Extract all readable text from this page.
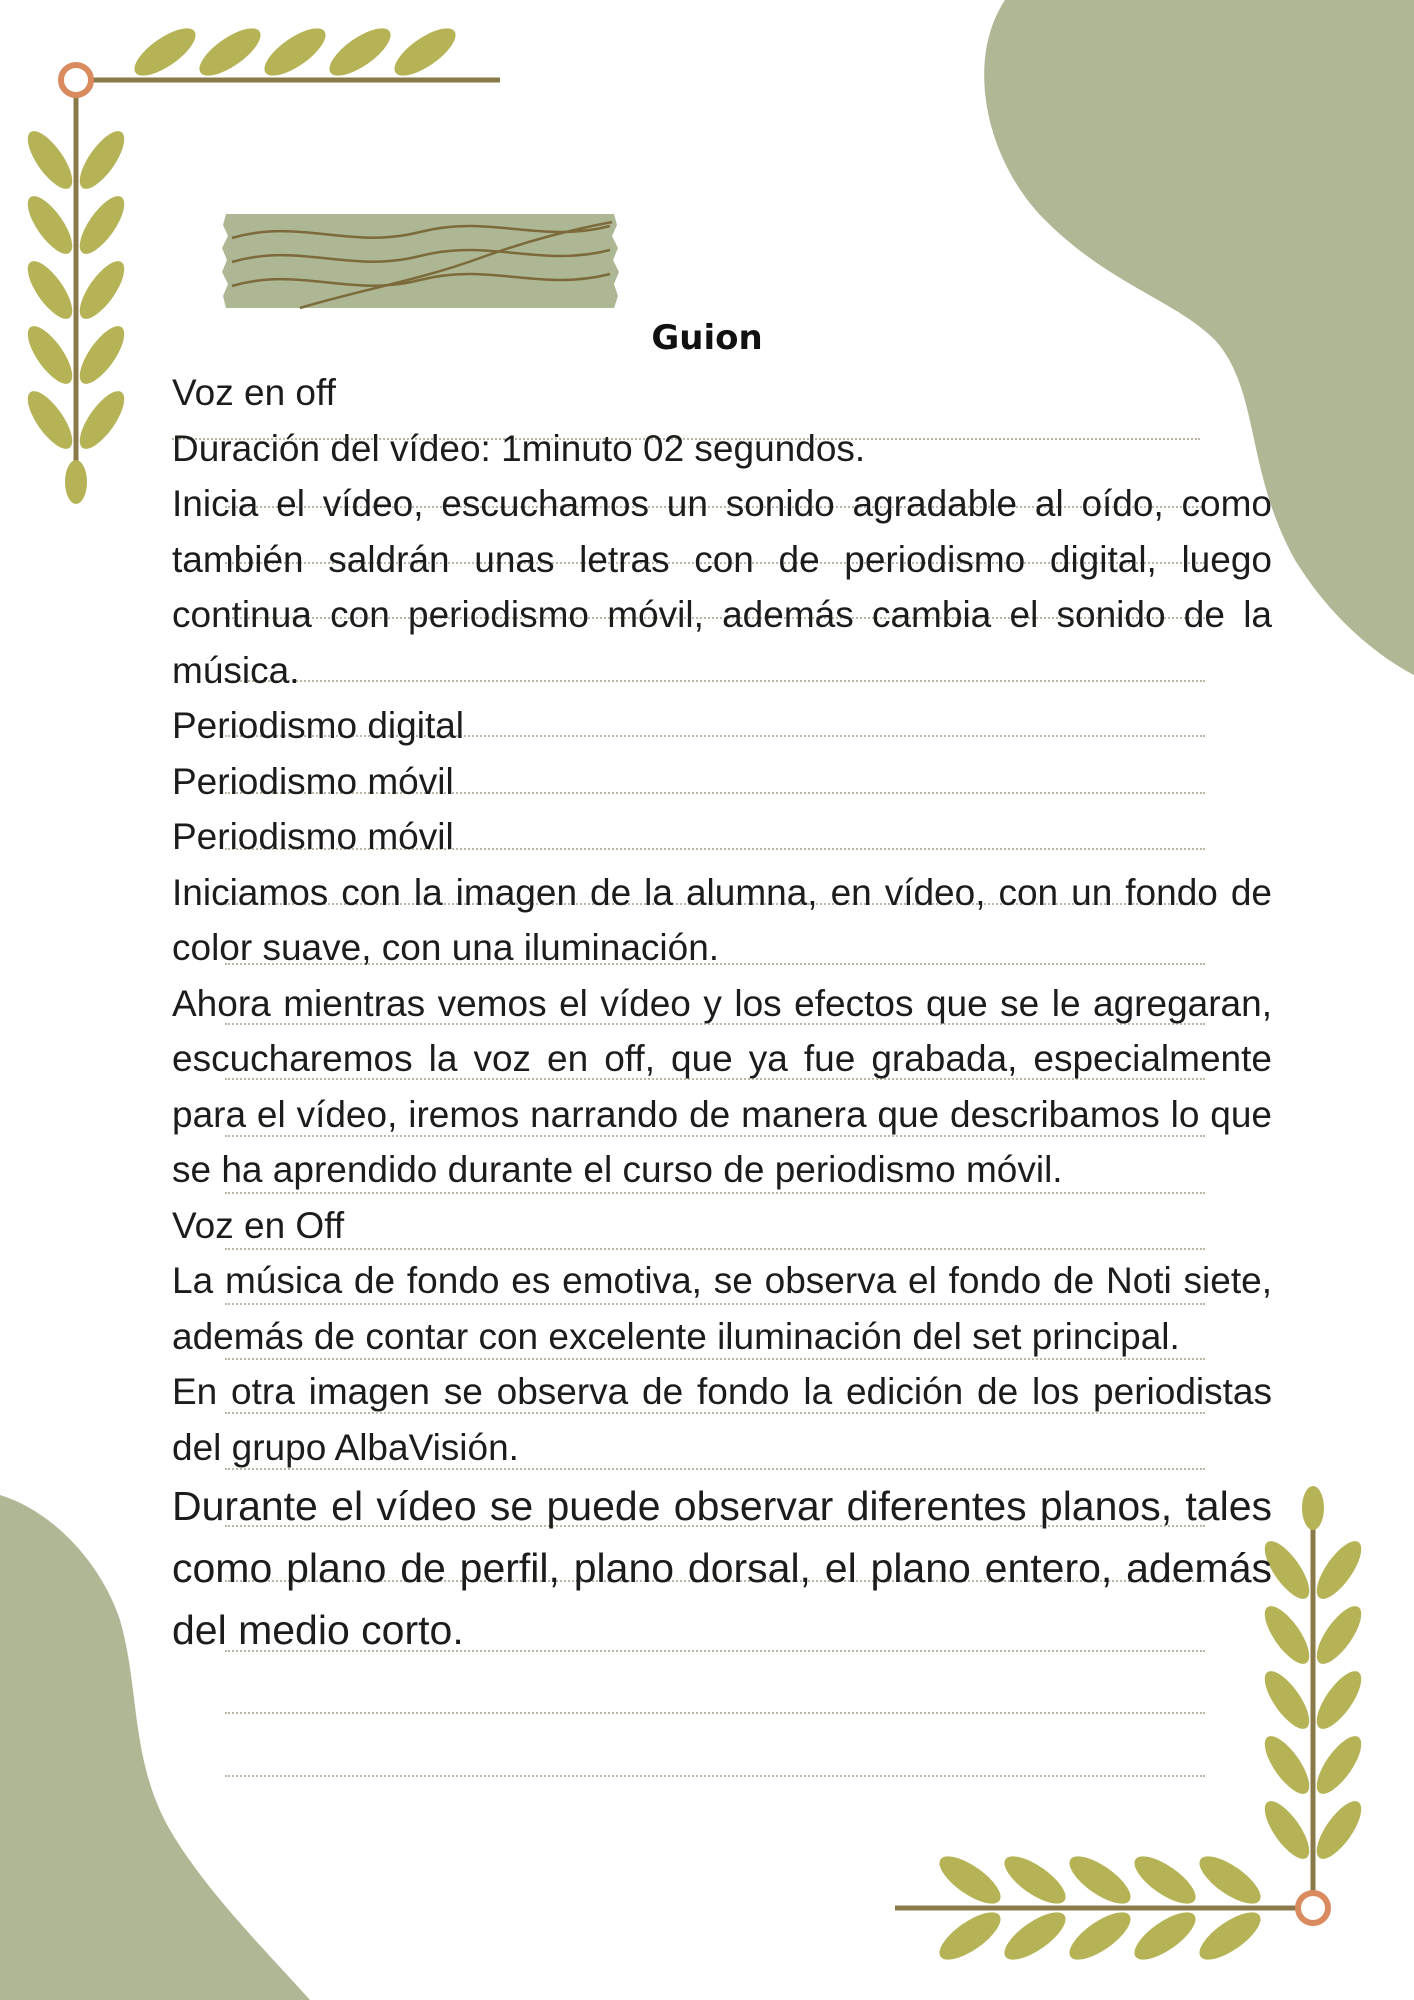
Guion

Voz en off

Duración del vídeo: 1minuto 02 segundos.

Inicia el vídeo, escuchamos un sonido agradable al oído, como también saldrán unas letras con de periodismo digital, luego continua con periodismo móvil, además cambia el sonido de la música.

Periodismo digital

Periodismo móvil

Periodismo móvil

Iniciamos con la imagen de la alumna, en vídeo, con un fondo de color suave, con una iluminación.

Ahora mientras vemos el vídeo y los efectos que se le agregaran, escucharemos la voz en off, que ya fue grabada, especialmente para el vídeo, iremos narrando de manera que describamos lo que se ha aprendido durante el curso de periodismo móvil.

Voz en Off

La música de fondo es emotiva, se observa el fondo de Noti siete, además de contar con excelente iluminación del set principal.

En otra imagen se observa de fondo la edición de los periodistas del grupo AlbaVisión.

Durante el vídeo se puede observar diferentes planos, tales como plano de perfil, plano dorsal, el plano entero, además del medio corto.
